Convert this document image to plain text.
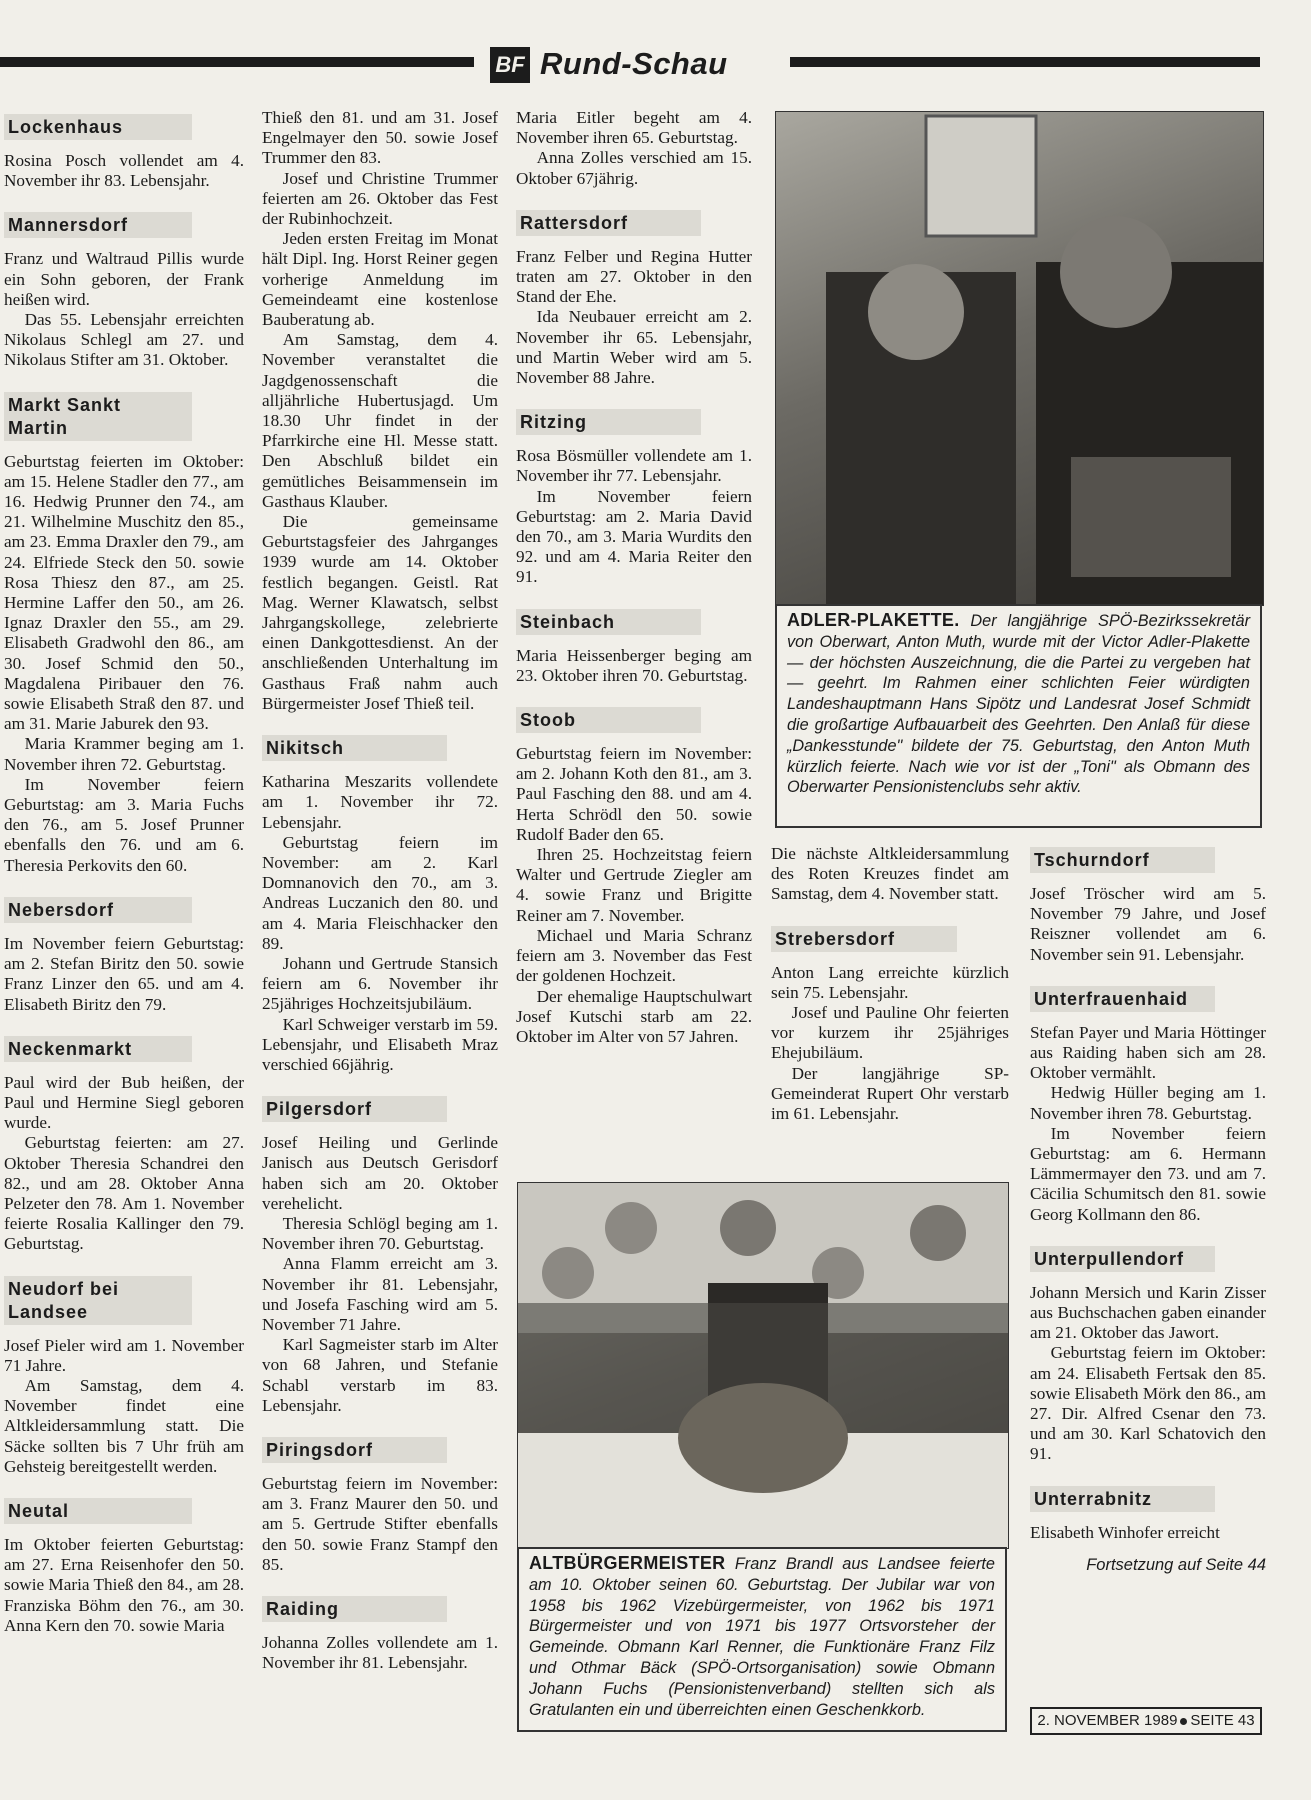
BF Rund-Schau
Lockenhaus

Rosina Posch vollendet am 4. November ihr 83. Lebensjahr.

Mannersdorf

Franz und Waltraud Pillis wurde ein Sohn geboren, der Frank heißen wird.

Das 55. Lebensjahr erreichten Nikolaus Schlegl am 27. und Nikolaus Stifter am 31. Oktober.

Markt Sankt Martin

Geburtstag feierten im Oktober: am 15. Helene Stadler den 77., am 16. Hedwig Prunner den 74., am 21. Wilhelmine Muschitz den 85., am 23. Emma Draxler den 79., am 24. Elfriede Steck den 50. sowie Rosa Thiesz den 87., am 25. Hermine Laffer den 50., am 26. Ignaz Draxler den 55., am 29. Elisabeth Gradwohl den 86., am 30. Josef Schmid den 50., Magdalena Piribauer den 76. sowie Elisabeth Straß den 87. und am 31. Marie Jaburek den 93.

Maria Krammer beging am 1. November ihren 72. Geburtstag.

Im November feiern Geburtstag: am 3. Maria Fuchs den 76., am 5. Josef Prunner ebenfalls den 76. und am 6. Theresia Perkovits den 60.

Nebersdorf

Im November feiern Geburtstag: am 2. Stefan Biritz den 50. sowie Franz Linzer den 65. und am 4. Elisabeth Biritz den 79.

Neckenmarkt

Paul wird der Bub heißen, der Paul und Hermine Siegl geboren wurde.

Geburtstag feierten: am 27. Oktober Theresia Schandrei den 82., und am 28. Oktober Anna Pelzeter den 78. Am 1. November feierte Rosalia Kallinger den 79. Geburtstag.

Neudorf bei Landsee

Josef Pieler wird am 1. November 71 Jahre.

Am Samstag, dem 4. November findet eine Altkleidersammlung statt. Die Säcke sollten bis 7 Uhr früh am Gehsteig bereitgestellt werden.

Neutal

Im Oktober feierten Geburtstag: am 27. Erna Reisenhofer den 50. sowie Maria Thieß den 84., am 28. Franziska Böhm den 76., am 30. Anna Kern den 70. sowie Maria

Thieß den 81. und am 31. Josef Engelmayer den 50. sowie Josef Trummer den 83.

Josef und Christine Trummer feierten am 26. Oktober das Fest der Rubinhochzeit.

Jeden ersten Freitag im Monat hält Dipl. Ing. Horst Reiner gegen vorherige Anmeldung im Gemeindeamt eine kostenlose Bauberatung ab.

Am Samstag, dem 4. November veranstaltet die Jagdgenossenschaft die alljährliche Hubertusjagd. Um 18.30 Uhr findet in der Pfarrkirche eine Hl. Messe statt. Den Abschluß bildet ein gemütliches Beisammensein im Gasthaus Klauber.

Die gemeinsame Geburtstagsfeier des Jahrganges 1939 wurde am 14. Oktober festlich begangen. Geistl. Rat Mag. Werner Klawatsch, selbst Jahrgangskollege, zelebrierte einen Dankgottesdienst. An der anschließenden Unterhaltung im Gasthaus Fraß nahm auch Bürgermeister Josef Thieß teil.

Nikitsch

Katharina Meszarits vollendete am 1. November ihr 72. Lebensjahr.

Geburtstag feiern im November: am 2. Karl Domnanovich den 70., am 3. Andreas Luczanich den 80. und am 4. Maria Fleischhacker den 89.

Johann und Gertrude Stansich feiern am 6. November ihr 25jähriges Hochzeitsjubiläum.

Karl Schweiger verstarb im 59. Lebensjahr, und Elisabeth Mraz verschied 66jährig.

Pilgersdorf

Josef Heiling und Gerlinde Janisch aus Deutsch Gerisdorf haben sich am 20. Oktober verehelicht.

Theresia Schlögl beging am 1. November ihren 70. Geburtstag.

Anna Flamm erreicht am 3. November ihr 81. Lebensjahr, und Josefa Fasching wird am 5. November 71 Jahre.

Karl Sagmeister starb im Alter von 68 Jahren, und Stefanie Schabl verstarb im 83. Lebensjahr.

Piringsdorf

Geburtstag feiern im November: am 3. Franz Maurer den 50. und am 5. Gertrude Stifter ebenfalls den 50. sowie Franz Stampf den 85.

Raiding

Johanna Zolles vollendete am 1. November ihr 81. Lebensjahr.

Maria Eitler begeht am 4. November ihren 65. Geburtstag.

Anna Zolles verschied am 15. Oktober 67jährig.

Rattersdorf

Franz Felber und Regina Hutter traten am 27. Oktober in den Stand der Ehe.

Ida Neubauer erreicht am 2. November ihr 65. Lebensjahr, und Martin Weber wird am 5. November 88 Jahre.

Ritzing

Rosa Bösmüller vollendete am 1. November ihr 77. Lebensjahr.

Im November feiern Geburtstag: am 2. Maria David den 70., am 3. Maria Wurdits den 92. und am 4. Maria Reiter den 91.

Steinbach

Maria Heissenberger beging am 23. Oktober ihren 70. Geburtstag.

Stoob

Geburtstag feiern im November: am 2. Johann Koth den 81., am 3. Paul Fasching den 88. und am 4. Herta Schrödl den 50. sowie Rudolf Bader den 65.

Ihren 25. Hochzeitstag feiern Walter und Gertrude Ziegler am 4. sowie Franz und Brigitte Reiner am 7. November.

Michael und Maria Schranz feiern am 3. November das Fest der goldenen Hochzeit.

Der ehemalige Hauptschulwart Josef Kutschi starb am 22. Oktober im Alter von 57 Jahren.

ADLER-PLAKETTE. Der langjährige SPÖ-Bezirkssekretär von Oberwart, Anton Muth, wurde mit der Victor Adler-Plakette — der höchsten Auszeichnung, die die Partei zu vergeben hat — geehrt. Im Rahmen einer schlichten Feier würdigten Landeshauptmann Hans Sipötz und Landesrat Josef Schmidt die großartige Aufbauarbeit des Geehrten. Den Anlaß für diese „Dankesstunde" bildete der 75. Geburtstag, den Anton Muth kürzlich feierte. Nach wie vor ist der „Toni" als Obmann des Oberwarter Pensionistenclubs sehr aktiv.

Die nächste Altkleidersammlung des Roten Kreuzes findet am Samstag, dem 4. November statt.

Strebersdorf

Anton Lang erreichte kürzlich sein 75. Lebensjahr.

Josef und Pauline Ohr feierten vor kurzem ihr 25jähriges Ehejubiläum.

Der langjährige SP-Gemeinderat Rupert Ohr verstarb im 61. Lebensjahr.

Tschurndorf

Josef Tröscher wird am 5. November 79 Jahre, und Josef Reiszner vollendet am 6. November sein 91. Lebensjahr.

Unterfrauenhaid

Stefan Payer und Maria Höttinger aus Raiding haben sich am 28. Oktober vermählt.

Hedwig Hüller beging am 1. November ihren 78. Geburtstag.

Im November feiern Geburtstag: am 6. Hermann Lämmermayer den 73. und am 7. Cäcilia Schumitsch den 81. sowie Georg Kollmann den 86.

Unterpullendorf

Johann Mersich und Karin Zisser aus Buchschachen gaben einander am 21. Oktober das Jawort.

Geburtstag feiern im Oktober: am 24. Elisabeth Fertsak den 85. sowie Elisabeth Mörk den 86., am 27. Dir. Alfred Csenar den 73. und am 30. Karl Schatovich den 91.

Unterrabnitz

Elisabeth Winhofer erreicht

Fortsetzung auf Seite 44
ALTBÜRGERMEISTER Franz Brandl aus Landsee feierte am 10. Oktober seinen 60. Geburtstag. Der Jubilar war von 1958 bis 1962 Vizebürgermeister, von 1962 bis 1971 Bürgermeister und von 1971 bis 1977 Ortsvorsteher der Gemeinde. Obmann Karl Renner, die Funktionäre Franz Filz und Othmar Bäck (SPÖ-Ortsorganisation) sowie Obmann Johann Fuchs (Pensionistenverband) stellten sich als Gratulanten ein und überreichten einen Geschenkkorb.
2. NOVEMBER 1989 SEITE 43
